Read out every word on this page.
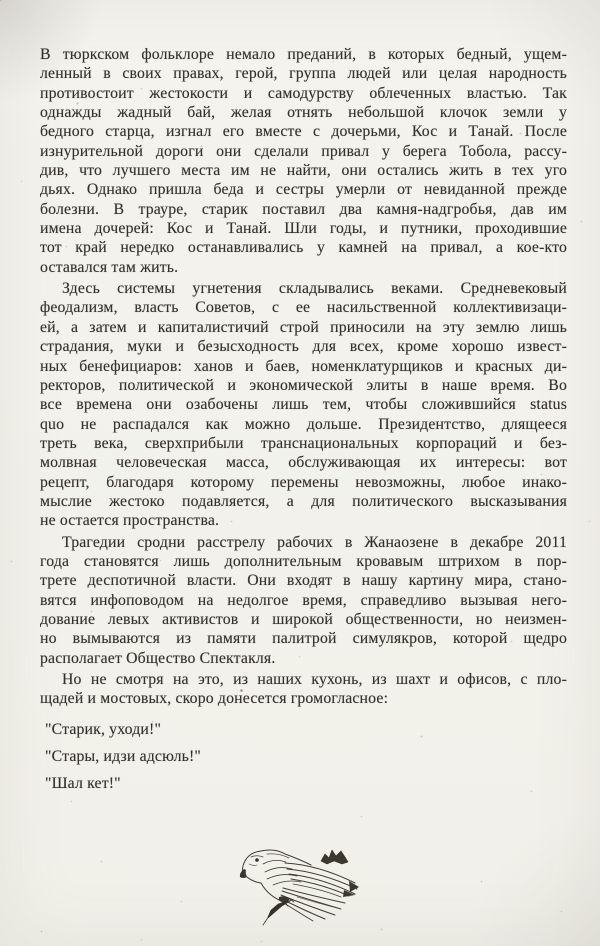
В тюркском фольклоре немало преданий, в которых бедный, ущем-
ленный в своих правах, герой, группа людей или целая народность
противостоит жестокости и самодурству облеченных властью. Так
однажды жадный бай, желая отнять небольшой клочок земли у
бедного старца, изгнал его вместе с дочерьми, Кос и Танай. После
изнурительной дороги они сделали привал у берега Тобола, рассу-
див, что лучшего места им не найти, они остались жить в тех уго
дьях. Однако пришла беда и сестры умерли от невиданной прежде
болезни. В трауре, старик поставил два камня-надгробья, дав им
имена дочерей: Кос и Танай. Шли годы, и путники, проходившие
тот край нередко останавливались у камней на привал, а кое-кто
оставался там жить.
Здесь системы угнетения складывались веками. Средневековый
феодализм, власть Советов, с ее насильственной коллективизаци-
ей, а затем и капиталистичий строй приносили на эту землю лишь
страдания, муки и безысходность для всех, кроме хорошо извест-
ных бенефициаров: ханов и баев, номенклатурщиков и красных ди-
ректоров, политической и экономической элиты в наше время. Во
все времена они озабочены лишь тем, чтобы сложившийся status
quo не распадался как можно дольше. Президентство, длящееся
треть века, сверхприбыли транснациональных корпораций и без-
молвная человеческая масса, обслуживающая их интересы: вот
рецепт, благодаря которому перемены невозможны, любое инако-
мыслие жестоко подавляется, а для политического высказывания
не остается пространства.
Трагедии сродни расстрелу рабочих в Жанаозене в декабре 2011
года становятся лишь дополнительным кровавым штрихом в пор-
трете деспотичной власти. Они входят в нашу картину мира, стано-
вятся инфоповодом на недолгое время, справедливо вызывая него-
дование левых активистов и широкой общественности, но неизмен-
но вымываются из памяти палитрой симулякров, которой щедро
располагает Общество Спектакля.
Но не смотря на это, из наших кухонь, из шахт и офисов, с пло-
щадей и мостовых, скоро донесется громогласное:
"Старик, уходи!"
"Стары, идзи адсюль!"
"Шал кет!"
